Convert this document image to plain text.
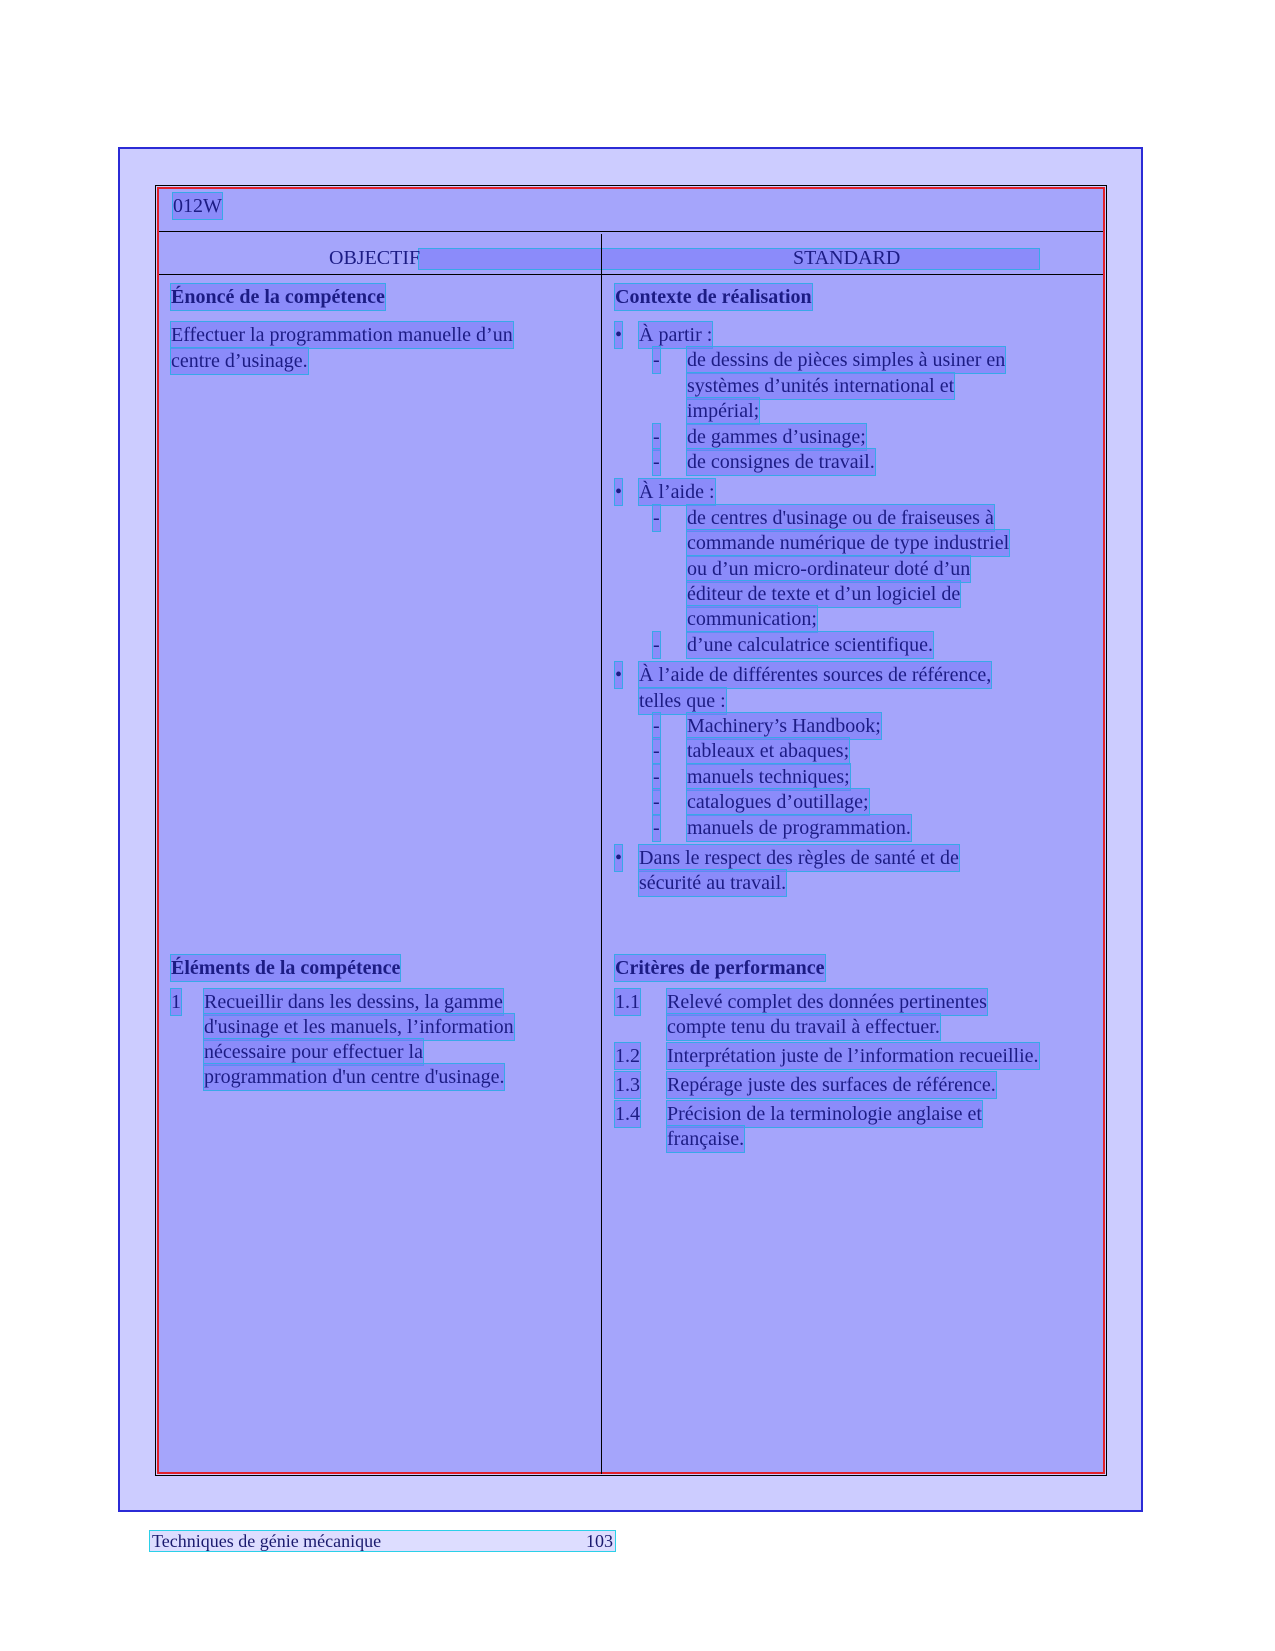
012W
OBJECTIF	STANDARD
Énoncé de la compétence
Effectuer la programmation manuelle d’un
centre d’usinage.
Contexte de réalisation
• À partir :
- de dessins de pièces simples à usiner en
systèmes d’unités international et
impérial;
- de gammes d’usinage;
- de consignes de travail.
• À l’aide :
- de centres d'usinage ou de fraiseuses à
commande numérique de type industriel
ou d’un micro-ordinateur doté d’un
éditeur de texte et d’un logiciel de
communication;
- d’une calculatrice scientifique.
• À l’aide de différentes sources de référence,
telles que :
- Machinery’s Handbook;
- tableaux et abaques;
- manuels techniques;
- catalogues d’outillage;
- manuels de programmation.
• Dans le respect des règles de santé et de
sécurité au travail.
Éléments de la compétence
1 Recueillir dans les dessins, la gamme
d'usinage et les manuels, l’information
nécessaire pour effectuer la
programmation d'un centre d'usinage.
Critères de performance
1.1 Relevé complet des données pertinentes
compte tenu du travail à effectuer.
1.2 Interprétation juste de l’information recueillie.
1.3 Repérage juste des surfaces de référence.
1.4 Précision de la terminologie anglaise et
française.
Techniques de génie mécanique	103
